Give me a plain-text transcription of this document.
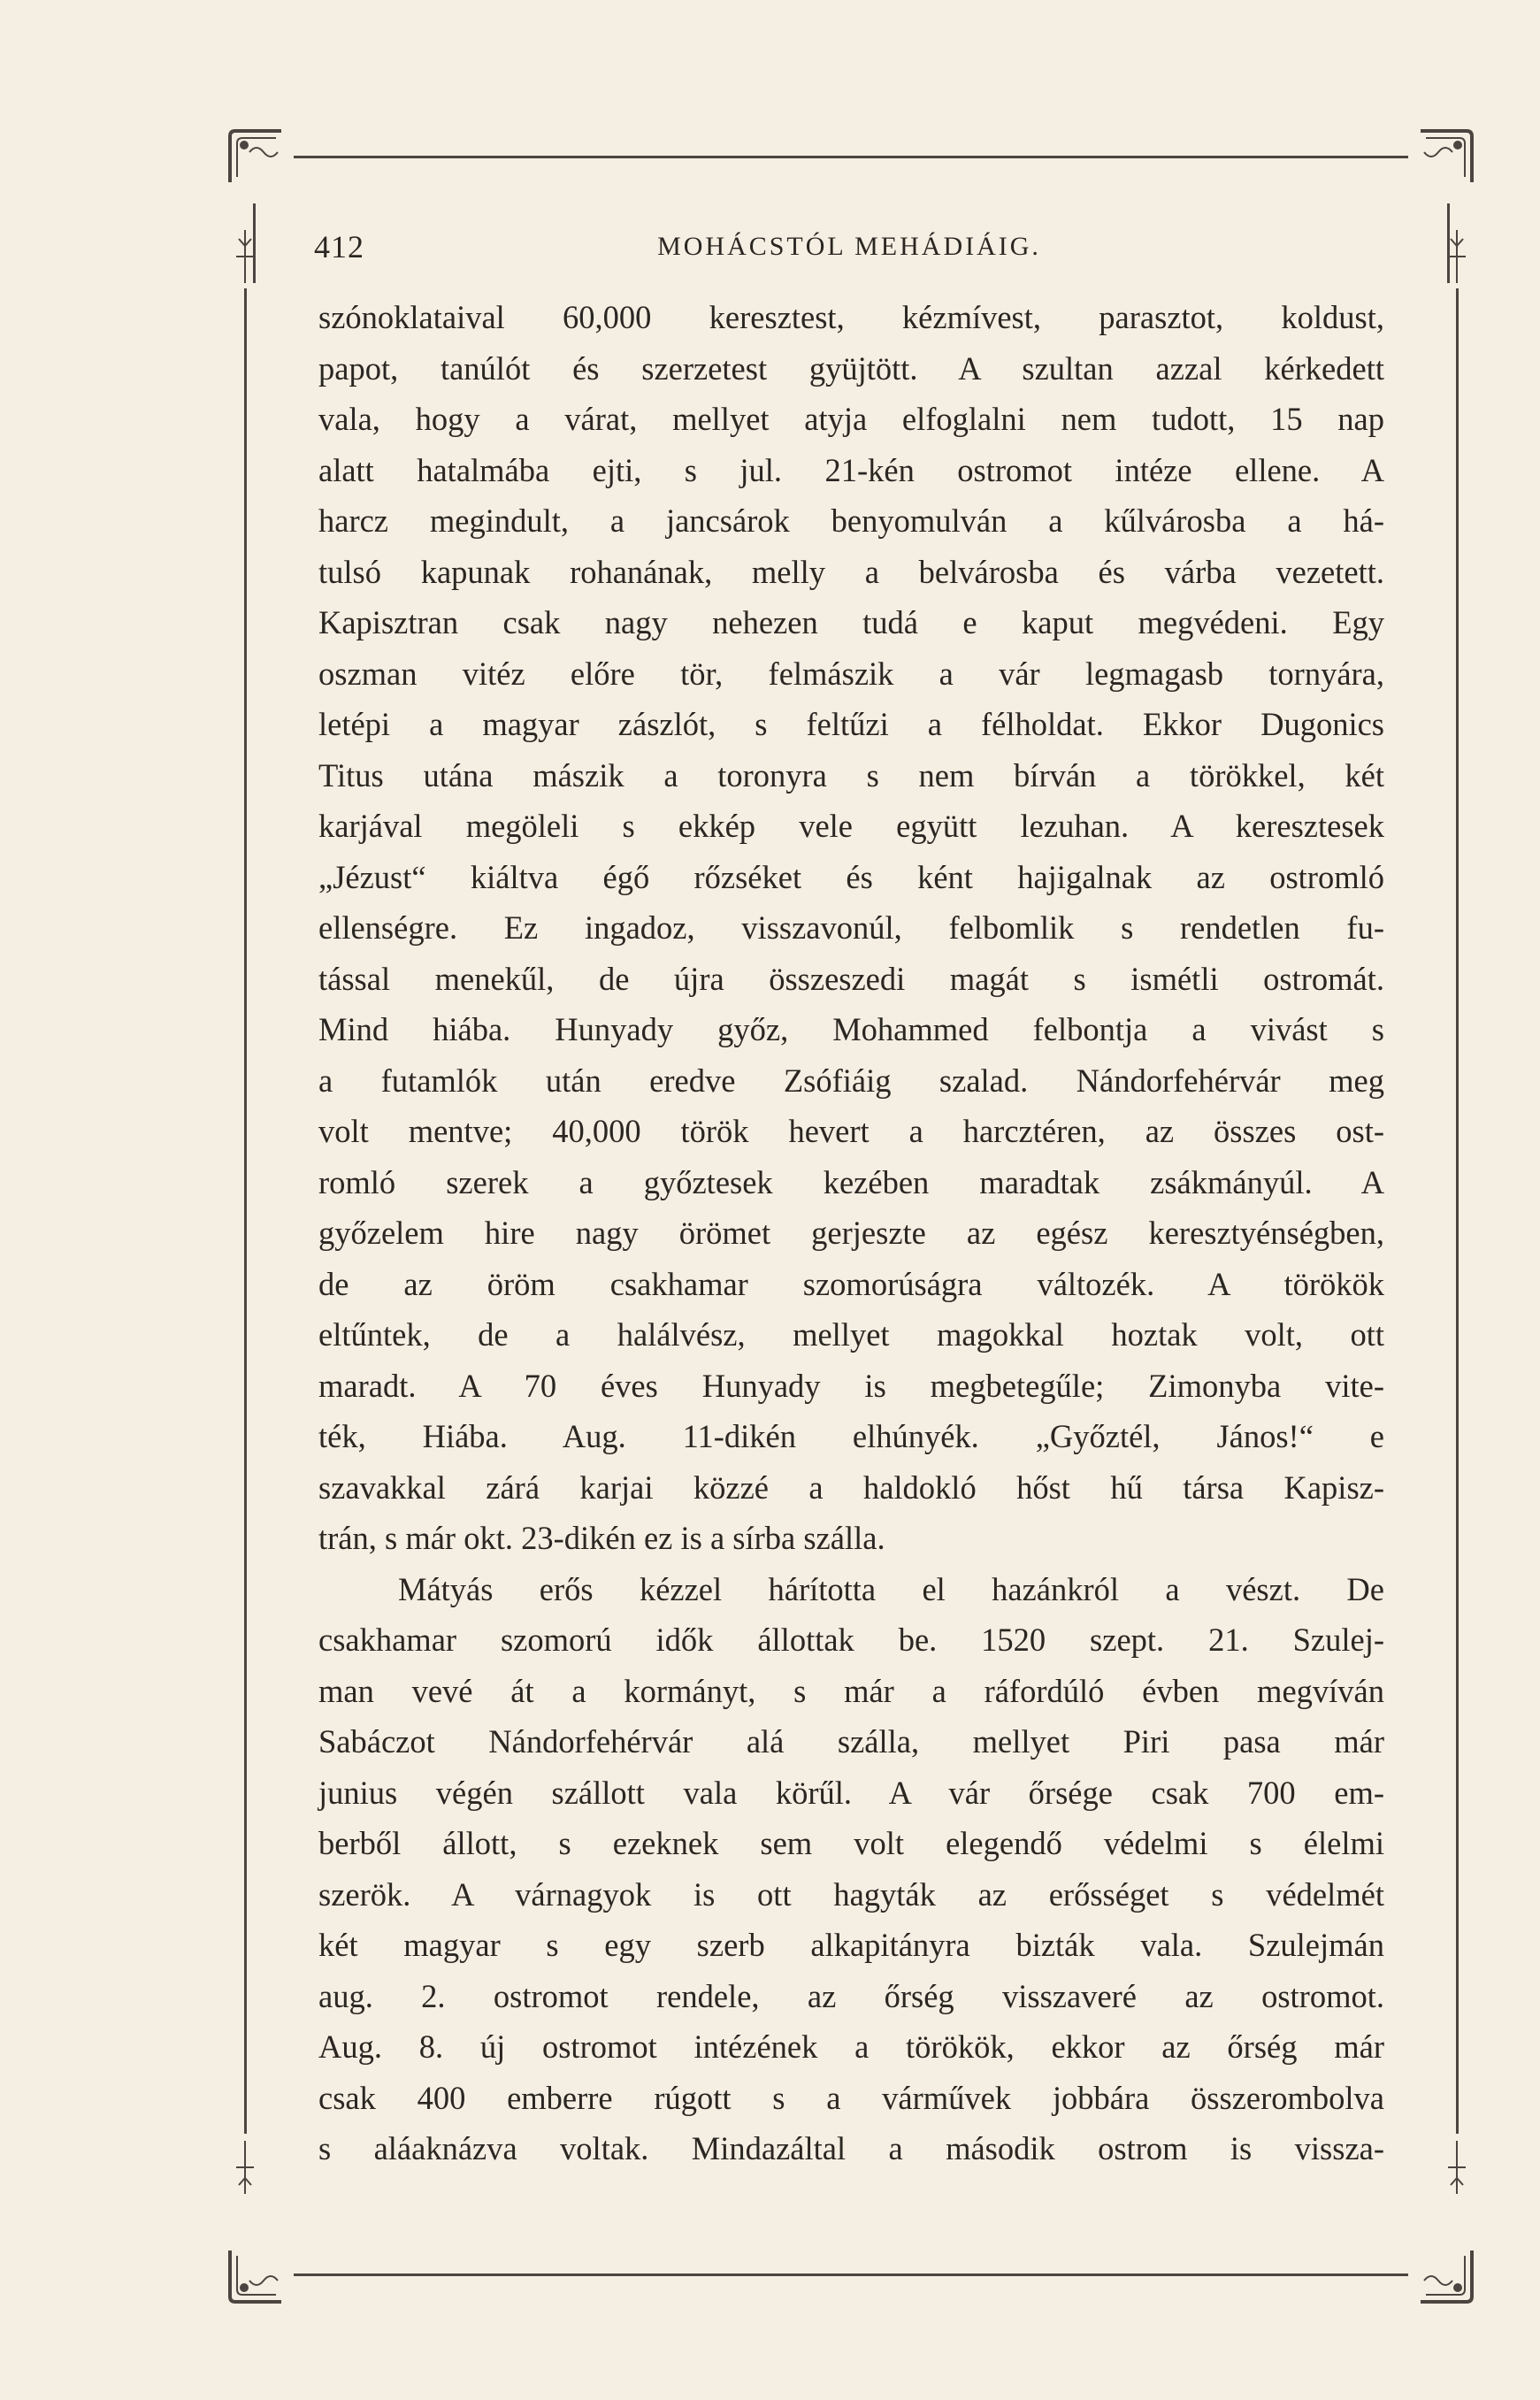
412	MOHÁCSTÓL MEHÁDIÁIG.
szónoklataival 60,000 keresztest, kézmívest, parasztot, koldust,
papot, tanúlót és szerzetest gyüjtött. A szultan azzal kérkedett
vala, hogy a várat, mellyet atyja elfoglalni nem tudott, 15 nap
alatt hatalmába ejti, s jul. 21-kén ostromot intéze ellene. A
harcz megindult, a jancsárok benyomulván a kűlvárosba a há-
tulsó kapunak rohanának, melly a belvárosba és várba vezetett.
Kapisztran csak nagy nehezen tudá e kaput megvédeni. Egy
oszman vitéz előre tör, felmászik a vár legmagasb tornyára,
letépi a magyar zászlót, s feltűzi a félholdat. Ekkor Dugonics
Titus utána mászik a toronyra s nem bírván a törökkel, két
karjával megöleli s ekkép vele együtt lezuhan. A keresztesek
„Jézust“ kiáltva égő rőzséket és ként hajigalnak az ostromló
ellenségre. Ez ingadoz, visszavonúl, felbomlik s rendetlen fu-
tással menekűl, de újra összeszedi magát s ismétli ostromát.
Mind hiába. Hunyady győz, Mohammed felbontja a vivást s
a futamlók után eredve Zsófiáig szalad. Nándorfehérvár meg
volt mentve; 40,000 török hevert a harcztéren, az összes ost-
romló szerek a győztesek kezében maradtak zsákmányúl. A
győzelem hire nagy örömet gerjeszte az egész keresztyénségben,
de az öröm csakhamar szomorúságra változék. A törökök
eltűntek, de a halálvész, mellyet magokkal hoztak volt, ott
maradt. A 70 éves Hunyady is megbetegűle; Zimonyba vite-
ték, Hiába. Aug. 11-dikén elhúnyék. „Győztél, János!“ e
szavakkal zárá karjai közzé a haldokló hőst hű társa Kapisz-
trán, s már okt. 23-dikén ez is a sírba szálla.
Mátyás erős kézzel hárította el hazánkról a vészt. De
csakhamar szomorú idők állottak be. 1520 szept. 21. Szulej-
man vevé át a kormányt, s már a ráfordúló évben megvíván
Sabáczot Nándorfehérvár alá szálla, mellyet Piri pasa már
junius végén szállott vala körűl. A vár őrsége csak 700 em-
berből állott, s ezeknek sem volt elegendő védelmi s élelmi
szerök. A várnagyok is ott hagyták az erősséget s védelmét
két magyar s egy szerb alkapitányra bizták vala. Szulejmán
aug. 2. ostromot rendele, az őrség visszaveré az ostromot.
Aug. 8. új ostromot intézének a törökök, ekkor az őrség már
csak 400 emberre rúgott s a várművek jobbára összerombolva
s aláaknázva voltak. Mindazáltal a második ostrom is vissza-
